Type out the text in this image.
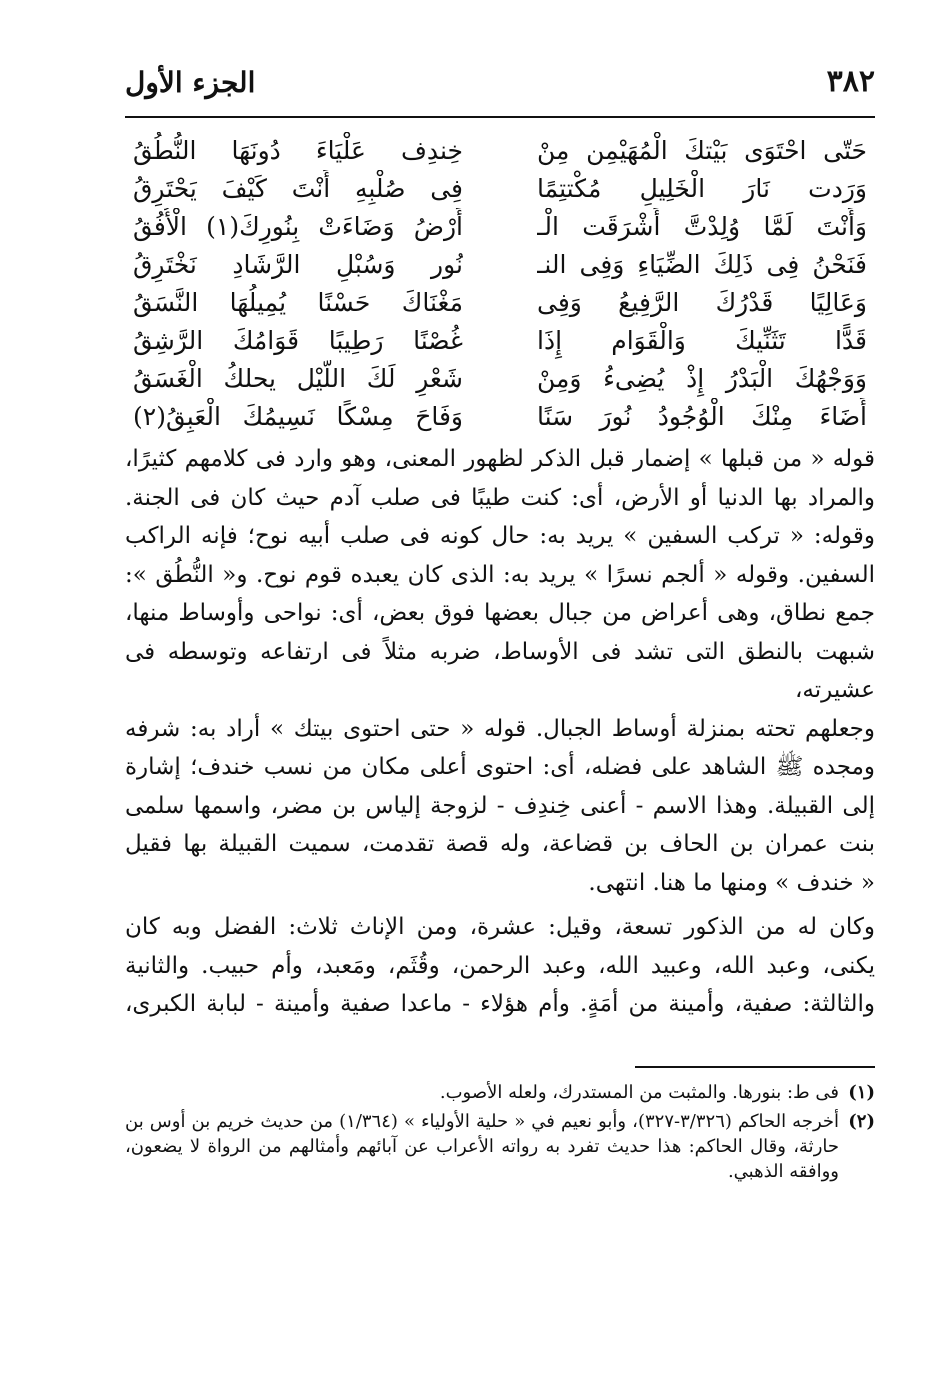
٣٨٢
الجزء الأول
حَتّى احْتَوَى بَيْتكَ الْمُهَيْمِن مِنْ
خِندِف عَلْيَاءَ دُونَهَا النُّطُقُ
وَرَدت نَارَ الْخَلِيلِ مُكْتتِمًا
فِى صُلْبِهِ أَنْتَ كَيْفَ يَحْتَرِقُ
وَأَنْتَ لَمَّا وُلِدْتَّ أَشْرَقَت الْـ
أَرْضُ وَضَاءَتْ بِنُورِكَ(١) الْأُفُقُ
فَنَحْنُ فِى ذَلِكَ الضِّيَاءِ وَفِى النـ
نُور وَسُبْلِ الرَّشَادِ نَخْتَرِقُ
وَعَالِيًا قَدْرُكَ الرَّفِيعُ وَفِى
مَغْنَاكَ حَسْنًا يُمِيلُهَا النَّسَقُ
قَدًّا تَثَنِّيكَ وَالْقَوَام إِذَا
غُصْنًا رَطِيبًا قَوَامُكَ الرَّشِقُ
وَوَجْهُكَ الْبَدْرُ إِذْ يُضِىءُ وَمِنْ
شَعْرِ لَكَ اللَّيْل يحلكُ الْغَسَقُ
أَضَاءَ مِنْكَ الْوُجُودُ نُورَ سَنًا
وَفَاحَ مِسْكًا نَسِيمُكَ الْعَبِقُ(٢)

قوله « من قبلها » إضمار قبل الذكر لظهور المعنى، وهو وارد فى كلامهم كثيرًا،

والمراد بها الدنيا أو الأرض، أى: كنت طيبًا فى صلب آدم حيث كان فى الجنة.

وقوله: « تركب السفين » يريد به: حال كونه فى صلب أبيه نوح؛ فإنه الراكب

السفين. وقوله « ألجم نسرًا » يريد به: الذى كان يعبده قوم نوح. و« النُّطُق »:

جمع نطاق، وهى أعراض من جبال بعضها فوق بعض، أى: نواحى وأوساط منها،

شبهت بالنطق التى تشد فى الأوساط، ضربه مثلاً فى ارتفاعه وتوسطه فى عشيرته،

وجعلهم تحته بمنزلة أوساط الجبال. قوله « حتى احتوى بيتك » أراد به: شرفه

ومجده ﷺ الشاهد على فضله، أى: احتوى أعلى مكان من نسب خندف؛ إشارة

إلى القبيلة. وهذا الاسم - أعنى خِندِف - لزوجة إلياس بن مضر، واسمها سلمى

بنت عمران بن الحاف بن قضاعة، وله قصة تقدمت، سميت القبيلة بها فقيل

« خندف » ومنها ما هنا. انتهى.

وكان له من الذكور تسعة، وقيل: عشرة، ومن الإناث ثلاث: الفضل وبه كان

يكنى، وعبد الله، وعبيد الله، وعبد الرحمن، وقُثَم، ومَعبد، وأم حبيب. والثانية

والثالثة: صفية، وأمينة من أمَةٍ. وأم هؤلاء - ماعدا صفية وأمينة - لبابة الكبرى،

(١)
فى ط: بنورها. والمثبت من المستدرك، ولعله الأصوب.
(٢)
أخرجه الحاكم (٣/٣٢٦-٣٢٧)، وأبو نعيم في « حلية الأولياء » (١/٣٦٤) من حديث خريم بن أوس بن حارثة، وقال الحاكم: هذا حديث تفرد به رواته الأعراب عن آبائهم وأمثالهم من الرواة لا يضعون، ووافقه الذهبي.
